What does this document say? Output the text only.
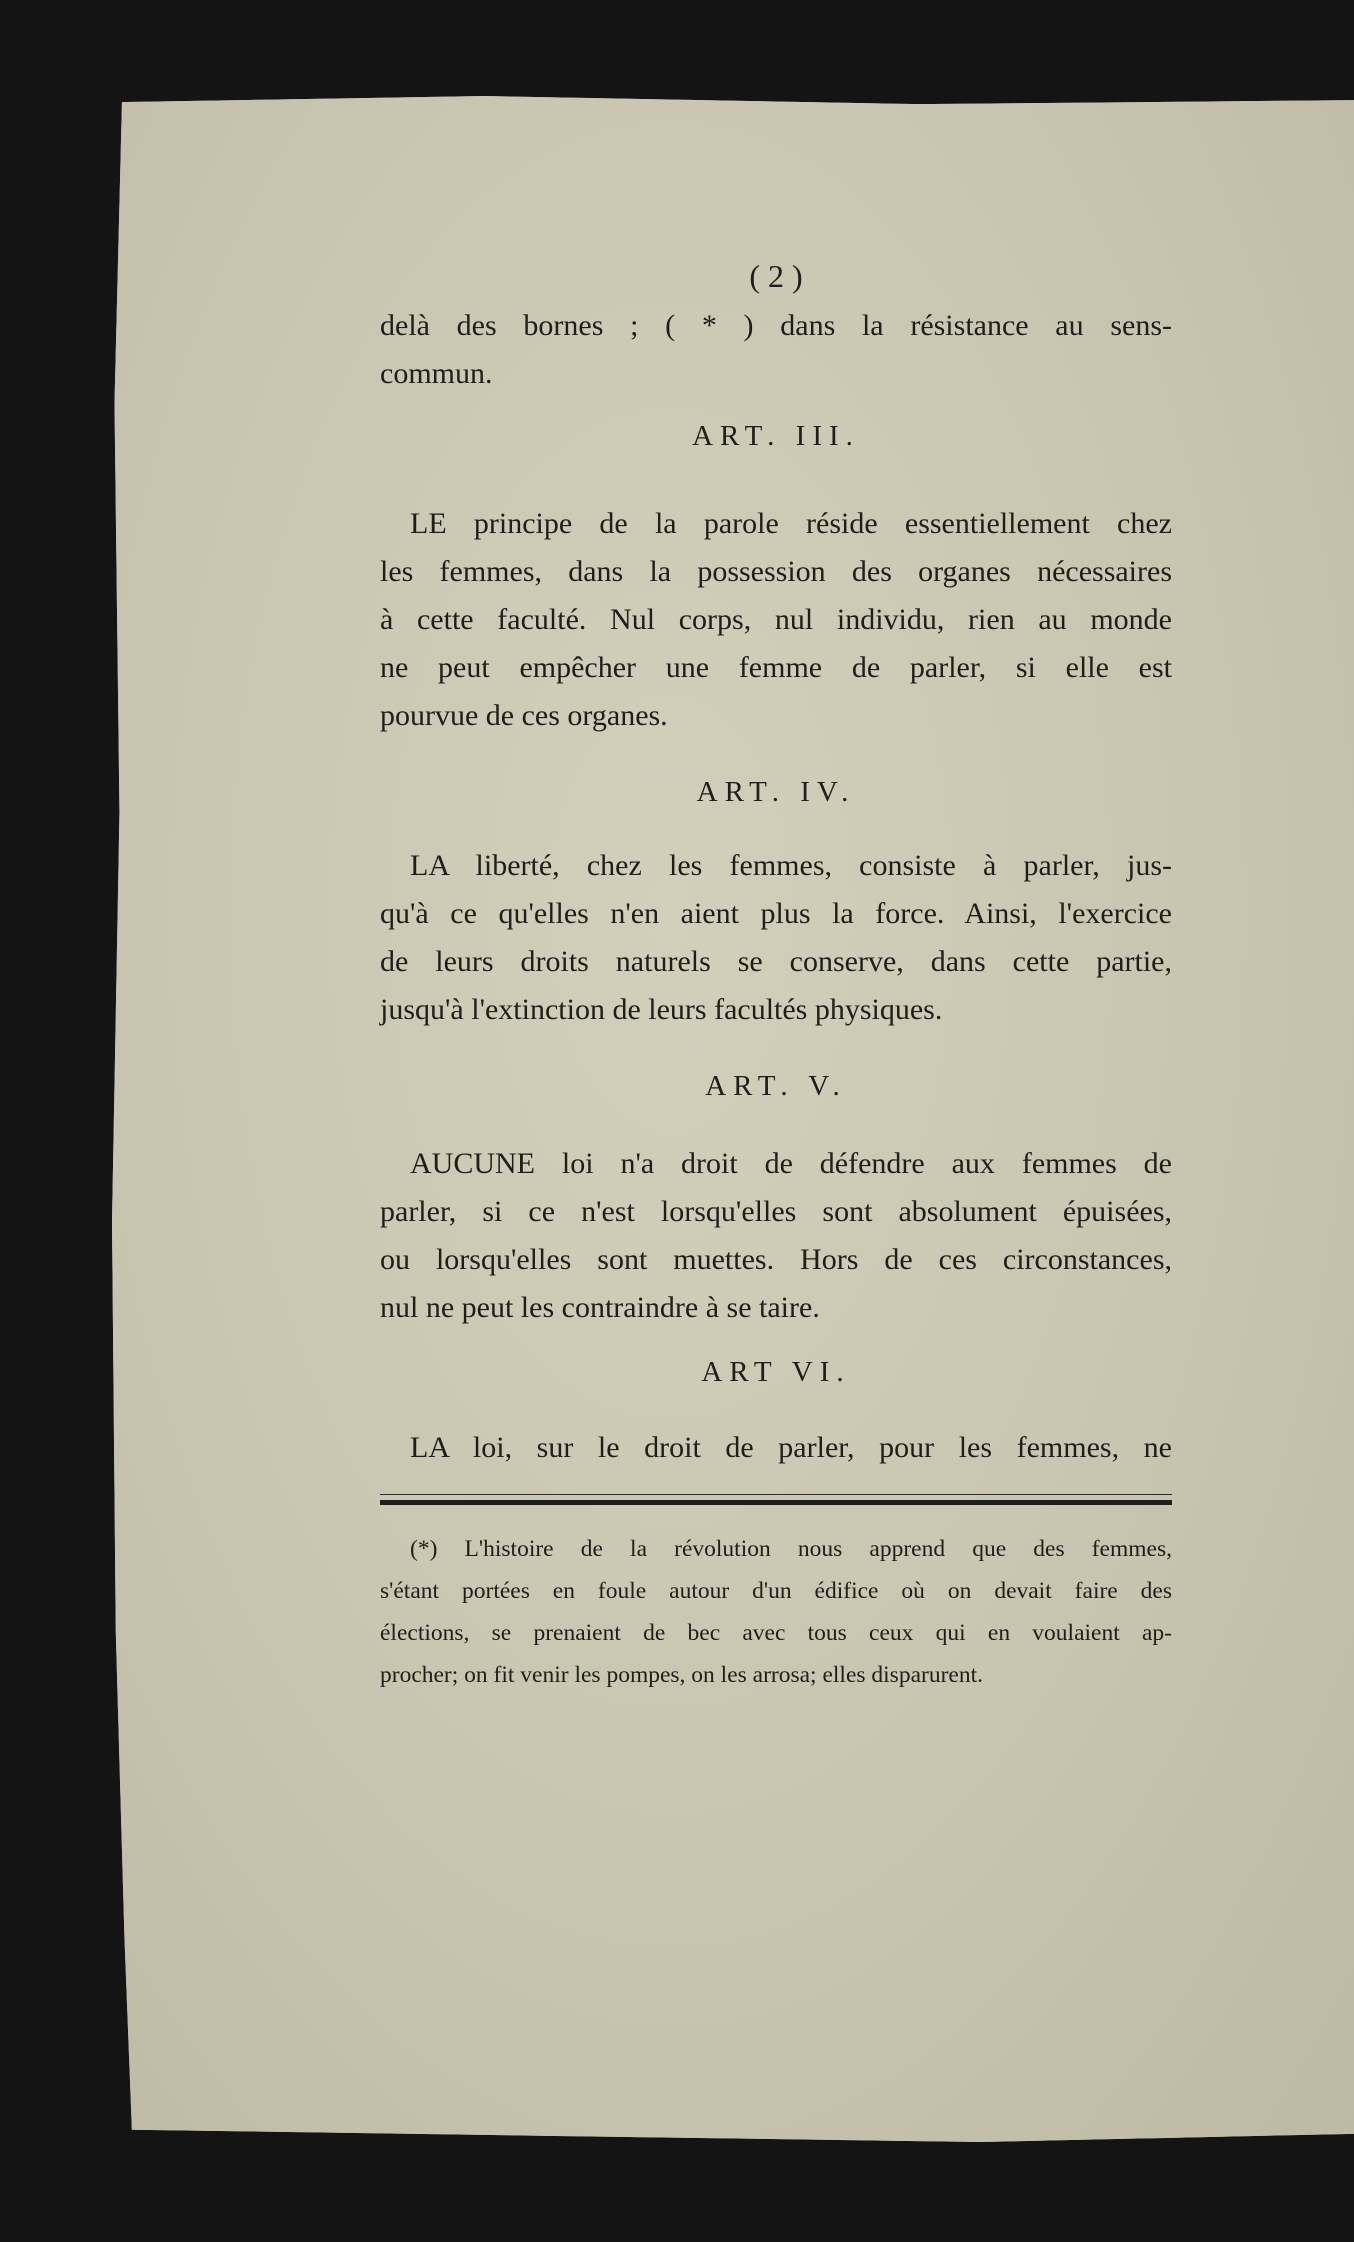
( 2 )
delà des bornes ; ( * ) dans la résistance au sens-
commun.
ART. III.
LE principe de la parole réside essentiellement chez
les femmes, dans la possession des organes nécessaires
à cette faculté. Nul corps, nul individu, rien au monde
ne peut empêcher une femme de parler, si elle est
pourvue de ces organes.
ART. IV.
LA liberté, chez les femmes, consiste à parler, jus-
qu'à ce qu'elles n'en aient plus la force. Ainsi, l'exercice
de leurs droits naturels se conserve, dans cette partie,
jusqu'à l'extinction de leurs facultés physiques.
ART. V.
AUCUNE loi n'a droit de défendre aux femmes de
parler, si ce n'est lorsqu'elles sont absolument épuisées,
ou lorsqu'elles sont muettes. Hors de ces circonstances,
nul ne peut les contraindre à se taire.
ART VI.
LA loi, sur le droit de parler, pour les femmes, ne
(*) L'histoire de la révolution nous apprend que des femmes,
s'étant portées en foule autour d'un édifice où on devait faire des
élections, se prenaient de bec avec tous ceux qui en voulaient ap-
procher; on fit venir les pompes, on les arrosa; elles disparurent.
